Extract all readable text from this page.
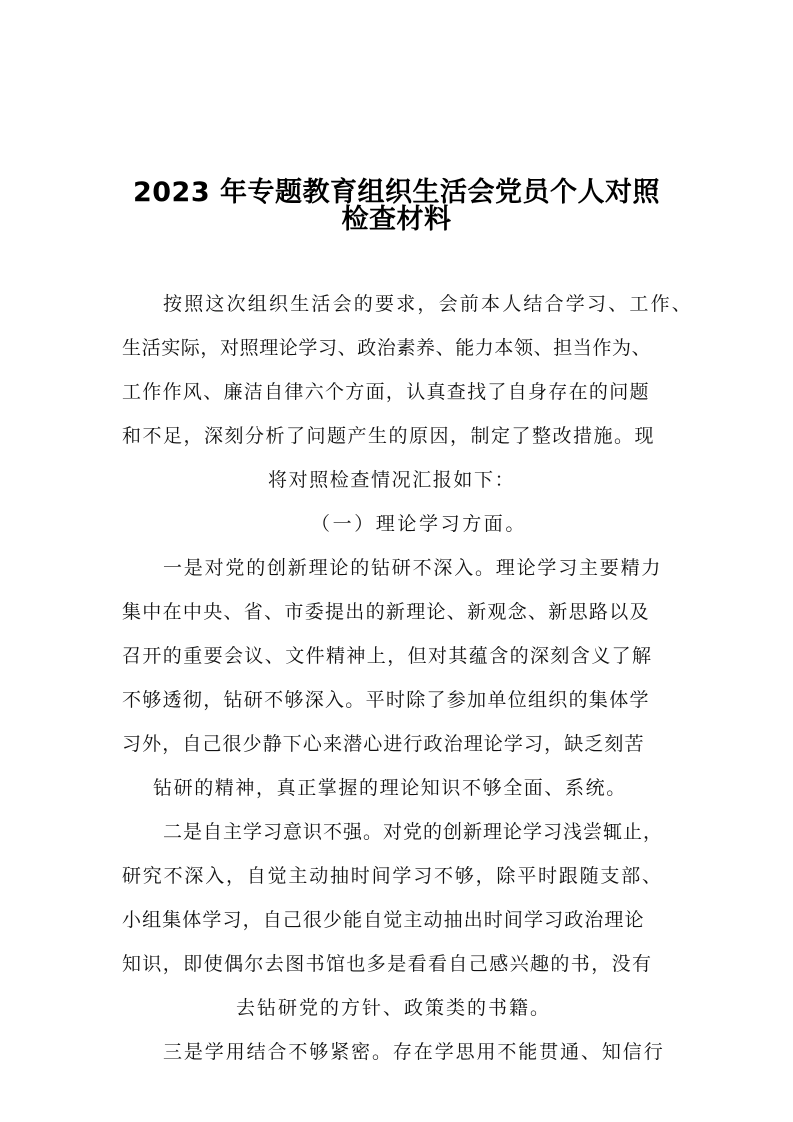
2023 年专题教育组织生活会党员个人对照
检查材料
按照这次组织生活会的要求，会前本人结合学习、工作、
生活实际，对照理论学习、政治素养、能力本领、担当作为、
工作作风、廉洁自律六个方面，认真查找了自身存在的问题
和不足，深刻分析了问题产生的原因，制定了整改措施。现
将对照检查情况汇报如下：
（一）理论学习方面。
一是对党的创新理论的钻研不深入。理论学习主要精力
集中在中央、省、市委提出的新理论、新观念、新思路以及
召开的重要会议、文件精神上，但对其蕴含的深刻含义了解
不够透彻，钻研不够深入。平时除了参加单位组织的集体学
习外，自己很少静下心来潜心进行政治理论学习，缺乏刻苦
钻研的精神，真正掌握的理论知识不够全面、系统。
二是自主学习意识不强。对党的创新理论学习浅尝辄止，
研究不深入，自觉主动抽时间学习不够，除平时跟随支部、
小组集体学习，自己很少能自觉主动抽出时间学习政治理论
知识，即使偶尔去图书馆也多是看看自己感兴趣的书，没有
去钻研党的方针、政策类的书籍。
三是学用结合不够紧密。存在学思用不能贯通、知信行
